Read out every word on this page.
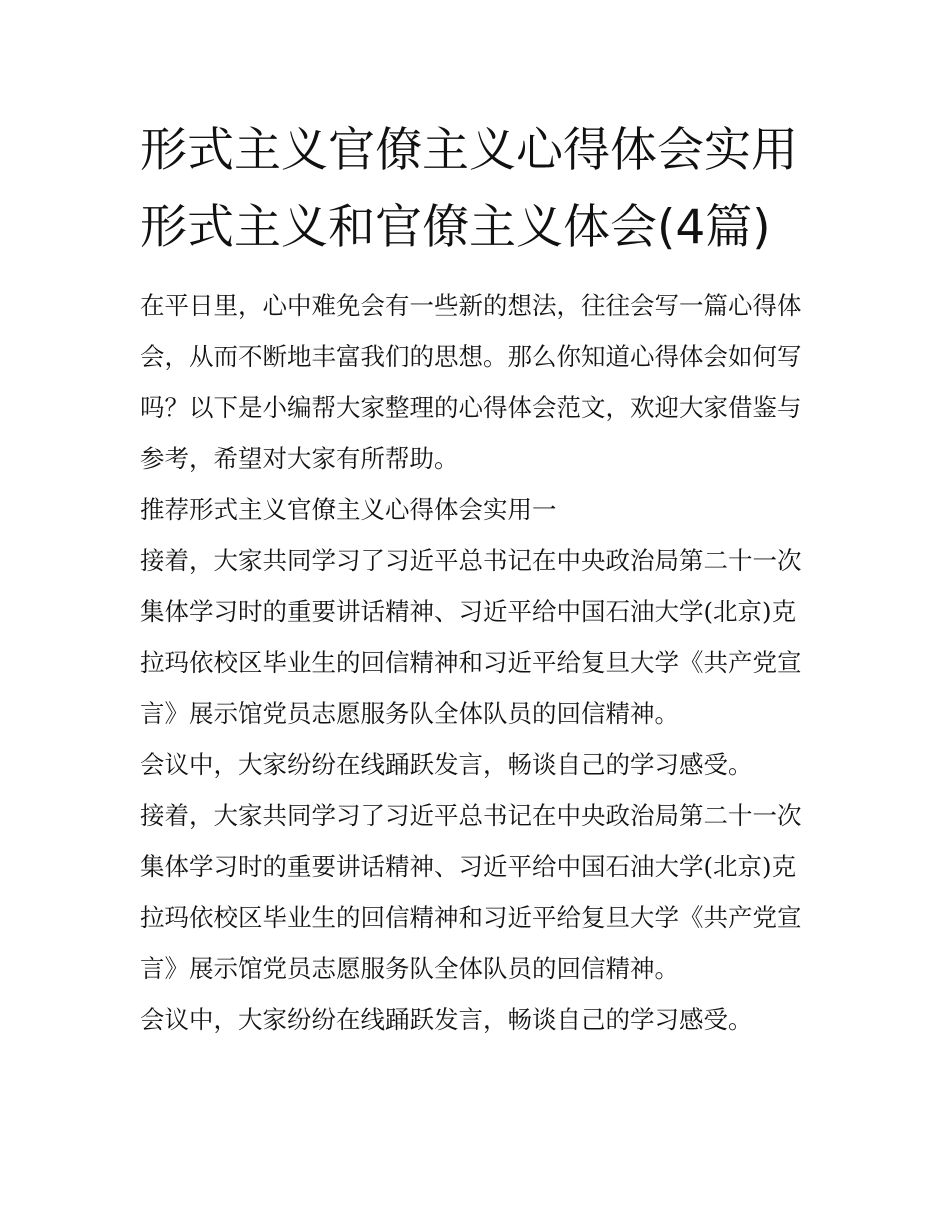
形式主义官僚主义心得体会实用 形式主义和官僚主义体会(4篇)

在平日里，心中难免会有一些新的想法，往往会写一篇心得体会，从而不断地丰富我们的思想。那么你知道心得体会如何写吗？以下是小编帮大家整理的心得体会范文，欢迎大家借鉴与参考，希望对大家有所帮助。

推荐形式主义官僚主义心得体会实用一

接着，大家共同学习了习近平总书记在中央政治局第二十一次集体学习时的重要讲话精神、习近平给中国石油大学(北京)克拉玛依校区毕业生的回信精神和习近平给复旦大学《共产党宣言》展示馆党员志愿服务队全体队员的回信精神。

会议中，大家纷纷在线踊跃发言，畅谈自己的学习感受。

接着，大家共同学习了习近平总书记在中央政治局第二十一次集体学习时的重要讲话精神、习近平给中国石油大学(北京)克拉玛依校区毕业生的回信精神和习近平给复旦大学《共产党宣言》展示馆党员志愿服务队全体队员的回信精神。

会议中，大家纷纷在线踊跃发言，畅谈自己的学习感受。
